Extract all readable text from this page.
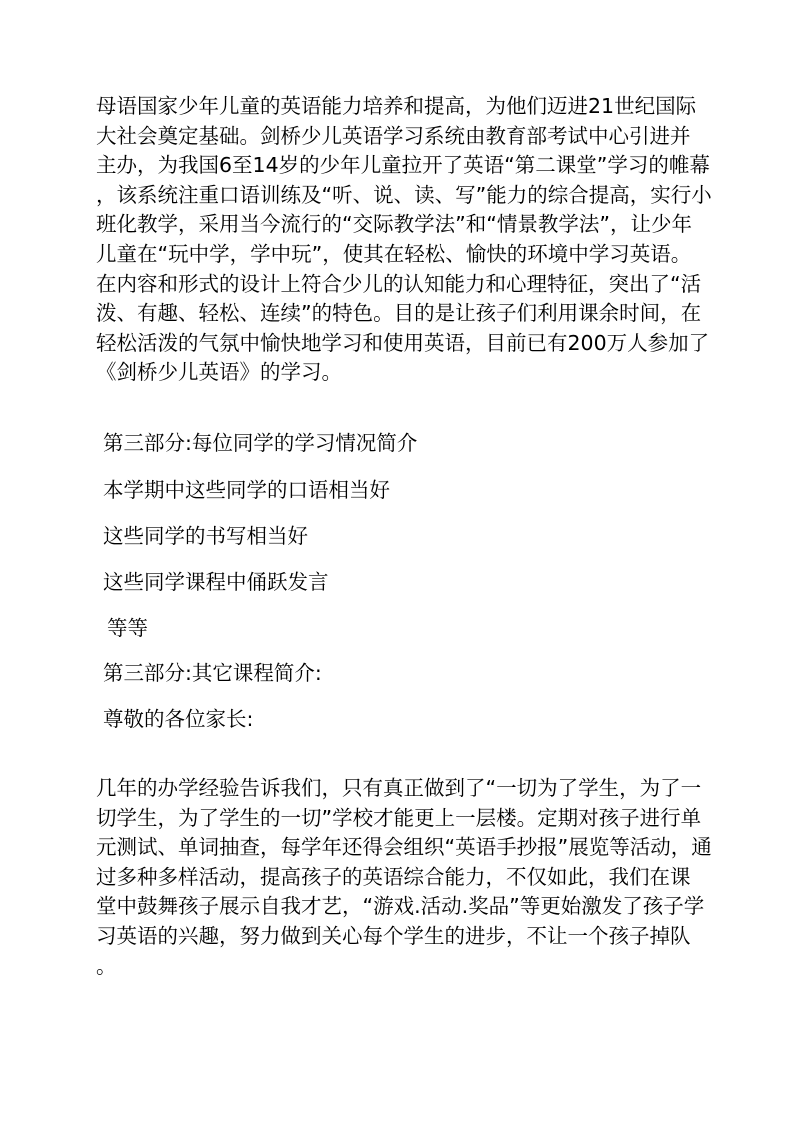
母语国家少年儿童的英语能力培养和提高，为他们迈进21世纪国际
大社会奠定基础。剑桥少儿英语学习系统由教育部考试中心引进并
主办，为我国6至14岁的少年儿童拉开了英语“第二课堂”学习的帷幕
，该系统注重口语训练及“听、说、读、写”能力的综合提高，实行小
班化教学，采用当今流行的“交际教学法”和“情景教学法”，让少年
儿童在“玩中学，学中玩”，使其在轻松、愉快的环境中学习英语。
在内容和形式的设计上符合少儿的认知能力和心理特征，突出了“活
泼、有趣、轻松、连续”的特色。目的是让孩子们利用课余时间，在
轻松活泼的气氛中愉快地学习和使用英语，目前已有200万人参加了
《剑桥少儿英语》的学习。

第三部分:每位同学的学习情况简介

本学期中这些同学的口语相当好

这些同学的书写相当好

这些同学课程中俑跃发言

等等

第三部分:其它课程简介:

尊敬的各位家长:

几年的办学经验告诉我们，只有真正做到了“一切为了学生，为了一
切学生，为了学生的一切”学校才能更上一层楼。定期对孩子进行单
元测试、单词抽查，每学年还得会组织“英语手抄报”展览等活动，通
过多种多样活动，提高孩子的英语综合能力，不仅如此，我们在课
堂中鼓舞孩子展示自我才艺，“游戏.活动.奖品”等更始激发了孩子学
习英语的兴趣，努力做到关心每个学生的进步，不让一个孩子掉队
。
